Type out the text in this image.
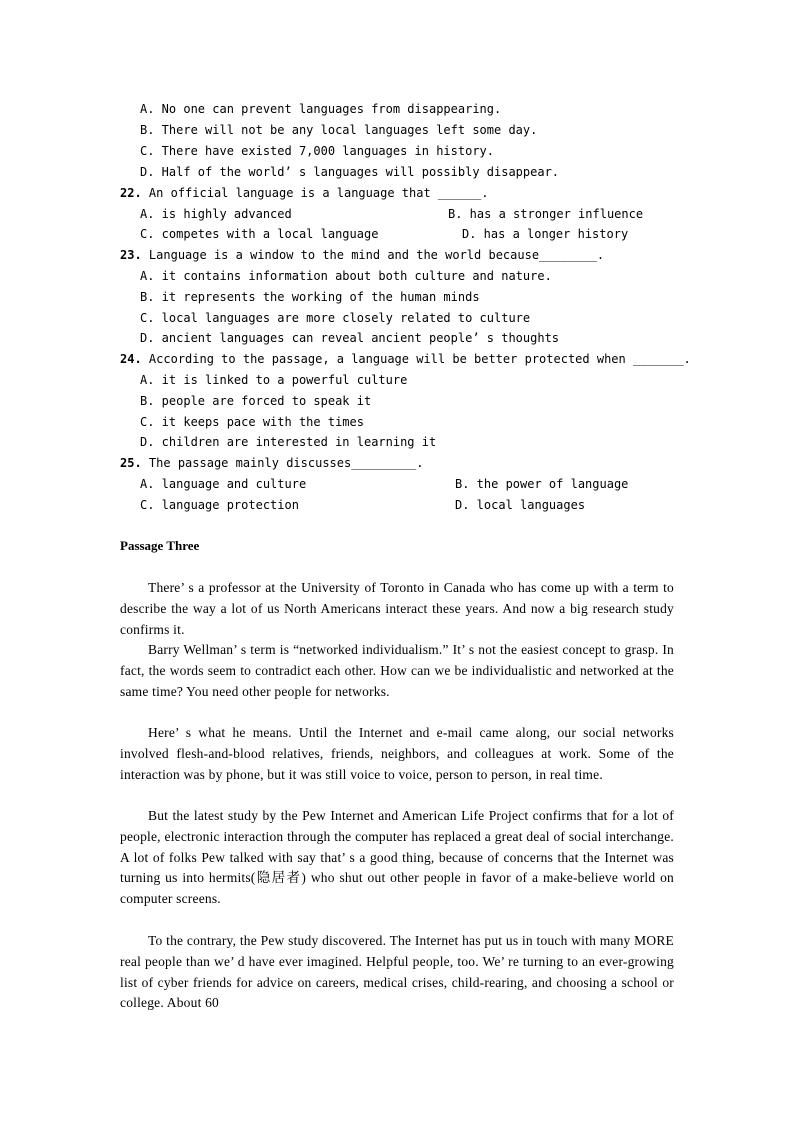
A. No one can prevent languages from disappearing.
B. There will not be any local languages left some day.
C. There have existed 7,000 languages in history.
D. Half of the world’ s languages will possibly disappear.
22. An official language is a language that ______.
A. is highly advanced	B. has a stronger influence
C. competes with a local language	D. has a longer history
23. Language is a window to the mind and the world because________.
A. it contains information about both culture and nature.
B. it represents the working of the human minds
C. local languages are more closely related to culture
D. ancient languages can reveal ancient people’ s thoughts
24. According to the passage, a language will be better protected when _______.
A. it is linked to a powerful culture
B. people are forced to speak it
C. it keeps pace with the times
D. children are interested in learning it
25. The passage mainly discusses_________.
A. language and culture	B. the power of language
C. language protection	D. local languages
Passage Three
There’ s a professor at the University of Toronto in Canada who has come up with a term to describe the way a lot of us North Americans interact these years. And now a big research study confirms it.
Barry Wellman’ s term is “networked individualism.” It’ s not the easiest concept to grasp. In fact, the words seem to contradict each other. How can we be individualistic and networked at the same time? You need other people for networks.
Here’ s what he means. Until the Internet and e-mail came along, our social networks involved flesh-and-blood relatives, friends, neighbors, and colleagues at work. Some of the interaction was by phone, but it was still voice to voice, person to person, in real time.
But the latest study by the Pew Internet and American Life Project confirms that for a lot of people, electronic interaction through the computer has replaced a great deal of social interchange. A lot of folks Pew talked with say that’ s a good thing, because of concerns that the Internet was turning us into hermits(隐居者) who shut out other people in favor of a make-believe world on computer screens.
To the contrary, the Pew study discovered. The Internet has put us in touch with many MORE real people than we’ d have ever imagined. Helpful people, too. We’ re turning to an ever-growing list of cyber friends for advice on careers, medical crises, child-rearing, and choosing a school or college. About 60
